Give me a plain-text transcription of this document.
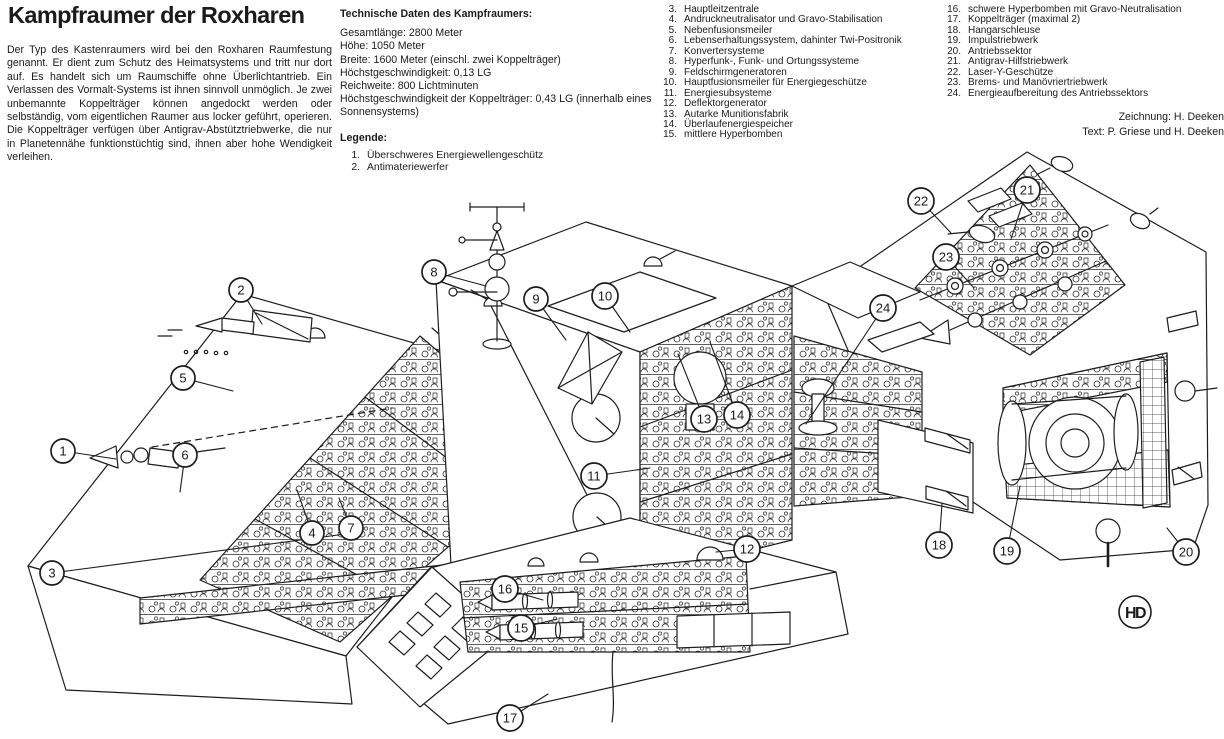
Kampfraumer der Roxharen
Der Typ des Kastenraumers wird bei den Roxharen Raumfestung genannt. Er dient zum Schutz des Heimatsystems und tritt nur dort auf. Es handelt sich um Raumschiffe ohne Überlichtantrieb. Ein Verlassen des Vormalt-Systems ist ihnen sinnvoll unmöglich. Je zwei unbemannte Koppelträger können angedockt werden oder selbständig, vom eigentlichen Raumer aus locker geführt, operieren. Die Koppelträger verfügen über Antigrav-Abstütztriebwerke, die nur in Planetennähe funktionstüchtig sind, ihnen aber hohe Wendigkeit verleihen.
Technische Daten des Kampfraumers:
Gesamtlänge: 2800 Meter
Höhe: 1050 Meter
Breite: 1600 Meter (einschl. zwei Koppelträger)
Höchstgeschwindigkeit: 0,13 LG
Reichweite: 800 Lichtminuten
Höchstgeschwindigkeit der Koppelträger: 0,43 LG (innerhalb eines Sonnensystems)
Legende:
1. Überschweres Energiewellengeschütz
2. Antimateriewerfer
3. Hauptleitzentrale
4. Andruckneutralisator und Gravo-Stabilisation
5. Nebenfusionsmeiler
6. Lebenserhaltungssystem, dahinter Twi-Positronik
7. Konvertersysteme
8. Hyperfunk-, Funk- und Ortungssysteme
9. Feldschirmgeneratoren
10. Hauptfusionsmeiler für Energiegeschütze
11. Energiesubsysteme
12. Deflektorgenerator
13. Autarke Munitionsfabrik
14. Überlaufenergiespeicher
15. mittlere Hyperbomben
16. schwere Hyperbomben mit Gravo-Neutralisation
17. Koppelträger (maximal 2)
18. Hangarschleuse
19. Impulstriebwerk
20. Antriebssektor
21. Antigrav-Hilfstriebwerk
22. Laser-Y-Geschütze
23. Brems- und Manövriertriebwerk
24. Energieaufbereitung des Antriebssektors
Zeichnung: H. Deeken
Text: P. Griese und H. Deeken
HD
1
2
3
4
5
6
7
8
9	10
11
12
13 14
15
16
17
18	19	20
21
22
23
24
